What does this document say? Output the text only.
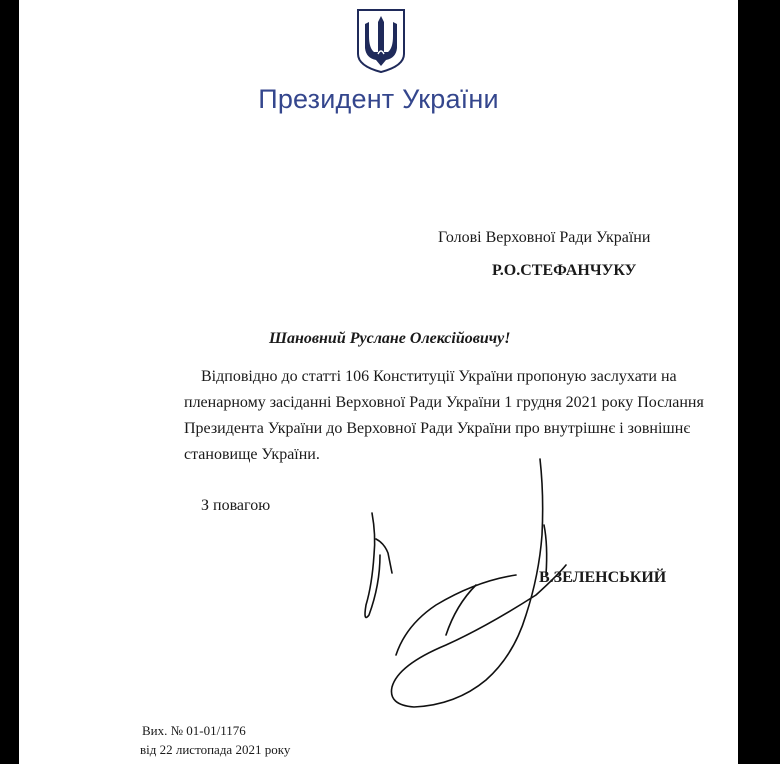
Президент України
Голові Верховної Ради України
Р.О.СТЕФАНЧУКУ
Шановний Руслане Олексійовичу!
Відповідно до статті 106 Конституції України пропоную заслухати на
пленарному засіданні Верховної Ради України 1 грудня 2021 року Послання
Президента України до Верховної Ради України про внутрішнє і зовнішнє
становище України.
З повагою
В.ЗЕЛЕНСЬКИЙ
Вих. № 01-01/1176
від 22 листопада 2021 року
